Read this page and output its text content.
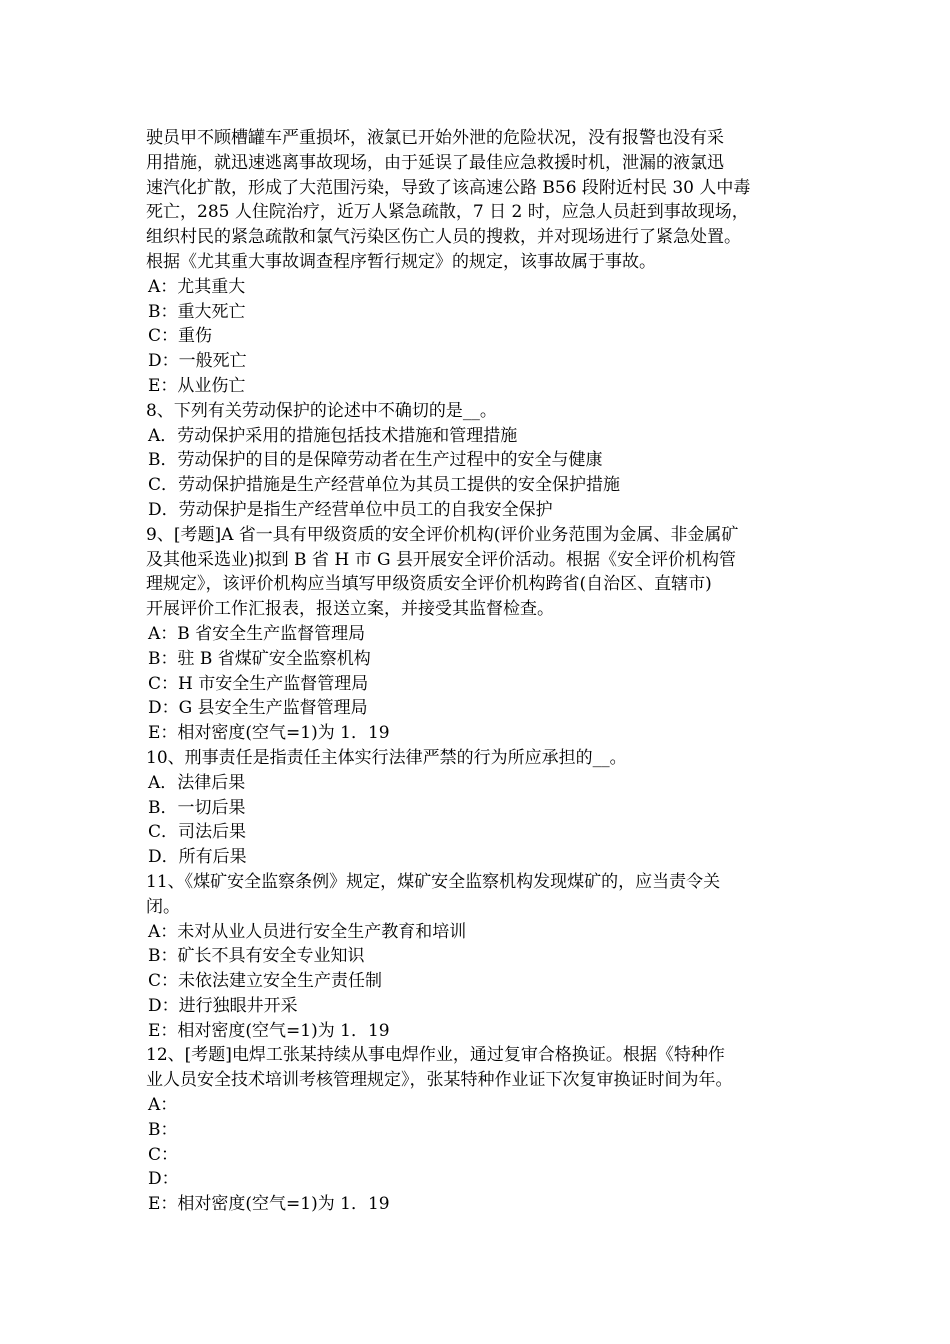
驶员甲不顾槽罐车严重损坏，液氯已开始外泄的危险状况，没有报警也没有采

用措施，就迅速逃离事故现场，由于延误了最佳应急救援时机，泄漏的液氯迅

速汽化扩散，形成了大范围污染，导致了该高速公路 B56 段附近村民 30 人中毒

死亡，285 人住院治疗，近万人紧急疏散，7 日 2 时，应急人员赶到事故现场，

组织村民的紧急疏散和氯气污染区伤亡人员的搜救，并对现场进行了紧急处置。

根据《尤其重大事故调查程序暂行规定》的规定，该事故属于事故。

A：尤其重大

B：重大死亡

C：重伤

D：一般死亡

E：从业伤亡

8、下列有关劳动保护的论述中不确切的是__。

A．劳动保护采用的措施包括技术措施和管理措施

B．劳动保护的目的是保障劳动者在生产过程中的安全与健康

C．劳动保护措施是生产经营单位为其员工提供的安全保护措施

D．劳动保护是指生产经营单位中员工的自我安全保护

9、[考题]A 省一具有甲级资质的安全评价机构(评价业务范围为金属、非金属矿

及其他采选业)拟到 B 省 H 市 G 县开展安全评价活动。根据《安全评价机构管

理规定》，该评价机构应当填写甲级资质安全评价机构跨省(自治区、直辖市)

开展评价工作汇报表，报送立案，并接受其监督检查。

A：B 省安全生产监督管理局

B：驻 B 省煤矿安全监察机构

C：H 市安全生产监督管理局

D：G 县安全生产监督管理局

E：相对密度(空气=1)为 1．19

10、刑事责任是指责任主体实行法律严禁的行为所应承担的__。

A．法律后果

B．一切后果

C．司法后果

D．所有后果

11、《煤矿安全监察条例》规定，煤矿安全监察机构发现煤矿的，应当责令关

闭。

A：未对从业人员进行安全生产教育和培训

B：矿长不具有安全专业知识

C：未依法建立安全生产责任制

D：进行独眼井开采

E：相对密度(空气=1)为 1．19

12、[考题]电焊工张某持续从事电焊作业，通过复审合格换证。根据《特种作

业人员安全技术培训考核管理规定》，张某特种作业证下次复审换证时间为年。

A：

B：

C：

D：

E：相对密度(空气=1)为 1．19
